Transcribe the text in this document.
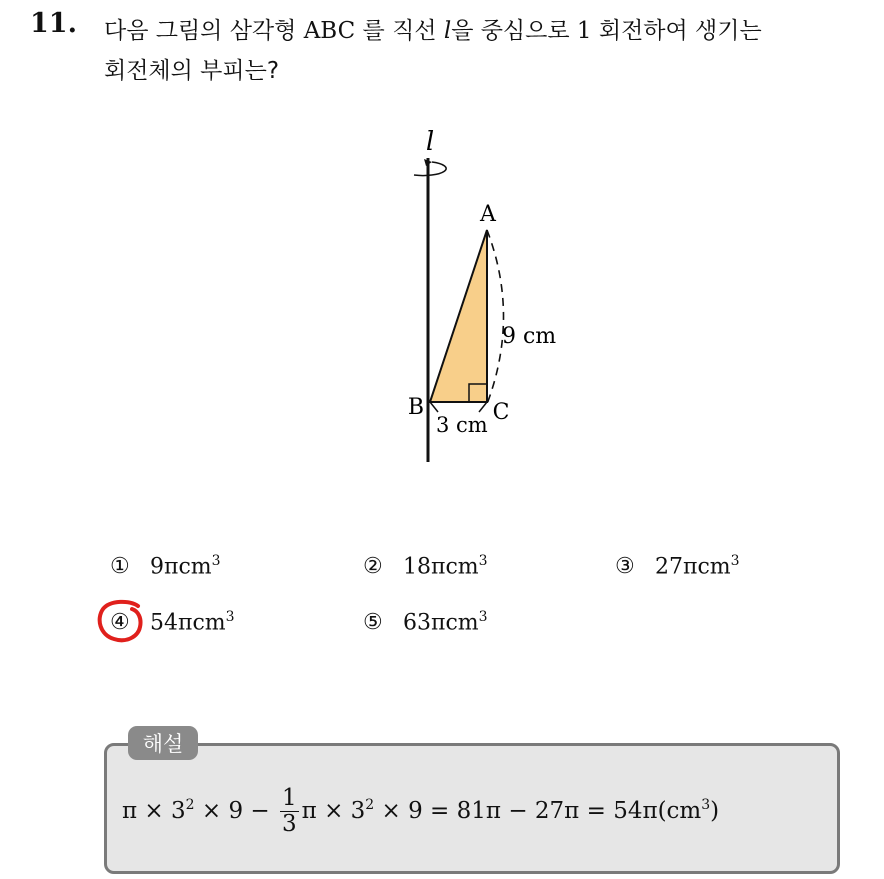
11. 다음 그림의 삼각형 ABC 를 직선 l을 중심으로 1 회전하여 생기는
회전체의 부피는?
l
A
B	C
9 cm
3 cm
① 9πcm$^3$	② 18πcm$^3$	③ 27πcm$^3$
④ 54πcm$^3$	⑤ 63πcm$^3$
해설
$\pi \times 3^2 \times 9 - \frac{1}{3}$ $\pi \times 3^2 \times 9 = 81\pi - 27\pi = 54\pi(cm^3)$
